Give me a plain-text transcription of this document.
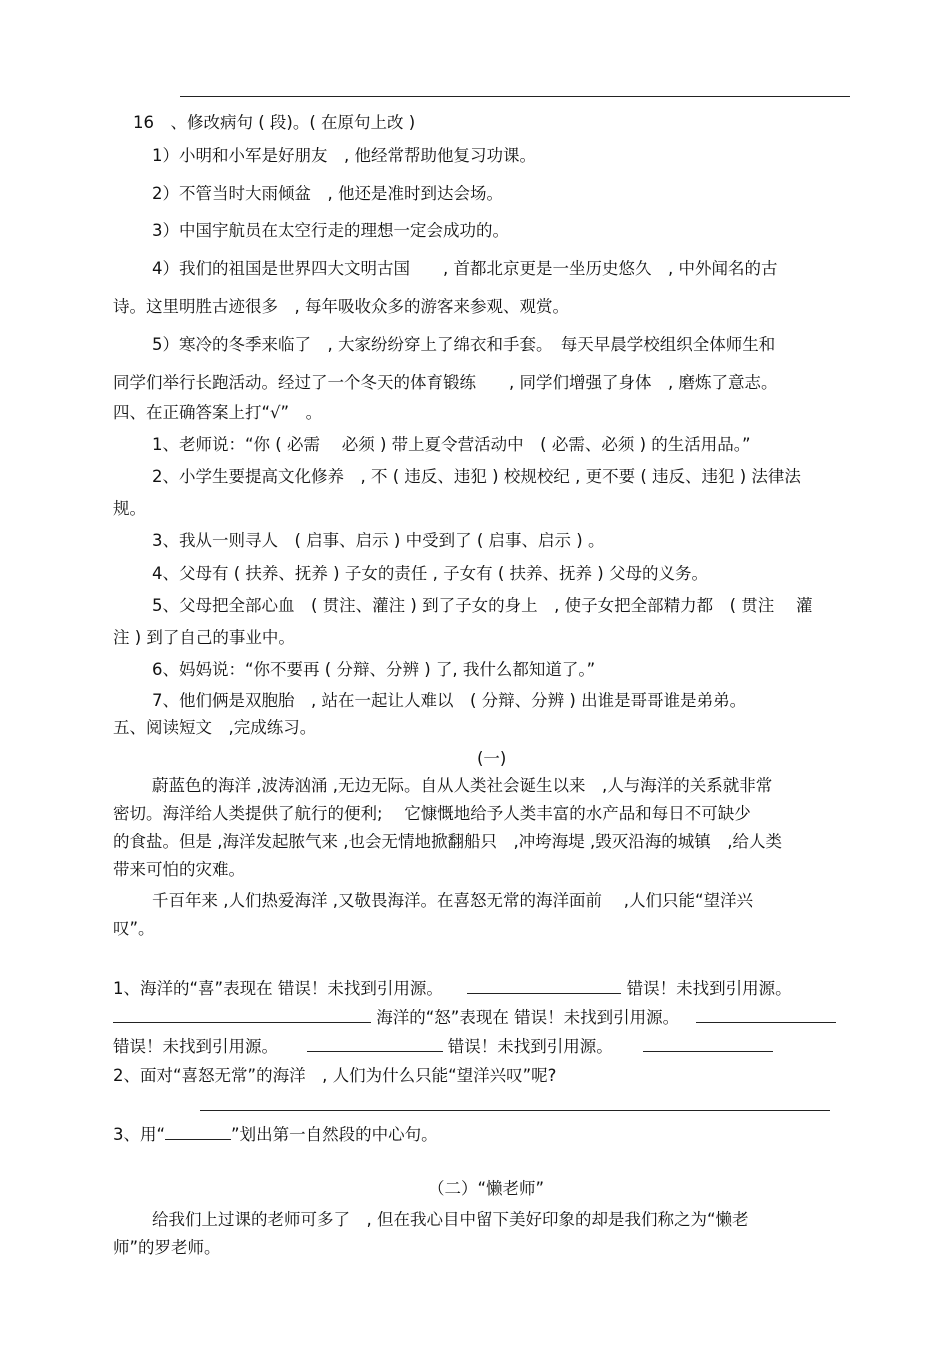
16　、修改病句 ( 段)。( 在原句上改 )

1）小明和小军是好朋友　, 他经常帮助他复习功课。

2）不管当时大雨倾盆　, 他还是准时到达会场。

3）中国宇航员在太空行走的理想一定会成功的。

4）我们的祖国是世界四大文明古国　　, 首都北京更是一坐历史悠久　, 中外闻名的古

诗。这里明胜古迹很多　, 每年吸收众多的游客来参观、观赏。

5）寒冷的冬季来临了　, 大家纷纷穿上了绵衣和手套。　每天早晨学校组织全体师生和

同学们举行长跑活动。经过了一个冬天的体育锻练　　, 同学们增强了身体　, 磨炼了意志。

四、在正确答案上打“√”　。

1、老师说：“你 ( 必需　 必须 ) 带上夏令营活动中　( 必需、必须 ) 的生活用品。”

2、小学生要提高文化修养　, 不 ( 违反、违犯 ) 校规校纪 , 更不要 ( 违反、违犯 ) 法律法

规。

3、我从一则寻人　( 启事、启示 ) 中受到了 ( 启事、启示 ) 。

4、父母有 ( 扶养、抚养 ) 子女的责任 , 子女有 ( 扶养、抚养 ) 父母的义务。

5、父母把全部心血　( 贯注、灌注 ) 到了子女的身上　, 使子女把全部精力都　( 贯注　 灌

注 ) 到了自己的事业中。

6、妈妈说：“你不要再 ( 分辩、分辨 ) 了, 我什么都知道了。”

7、他们俩是双胞胎　, 站在一起让人难以　( 分辩、分辨 ) 出谁是哥哥谁是弟弟。

五、阅读短文　,完成练习。

(一)

蔚蓝色的海洋 ,波涛汹涌 ,无边无际。自从人类社会诞生以来　,人与海洋的关系就非常

密切。海洋给人类提供了航行的便利;　 它慷慨地给予人类丰富的水产品和每日不可缺少

的食盐。但是 ,海洋发起脓气来 ,也会无情地掀翻船只　,冲垮海堤 ,毁灭沿海的城镇　,给人类

带来可怕的灾难。

千百年来 ,人们热爱海洋 ,又敬畏海洋。在喜怒无常的海洋面前　 ,人们只能“望洋兴

叹”。

1、海洋的“喜”表现在 错误！未找到引用源。	错误！未找到引用源。

海洋的“怒”表现在 错误！未找到引用源。

错误！未找到引用源。	错误！未找到引用源。

2、面对“喜怒无常”的海洋　, 人们为什么只能“望洋兴叹”呢?

3、用“	”划出第一自然段的中心句。

（二）“懒老师”

给我们上过课的老师可多了　, 但在我心目中留下美好印象的却是我们称之为“懒老

师”的罗老师。
